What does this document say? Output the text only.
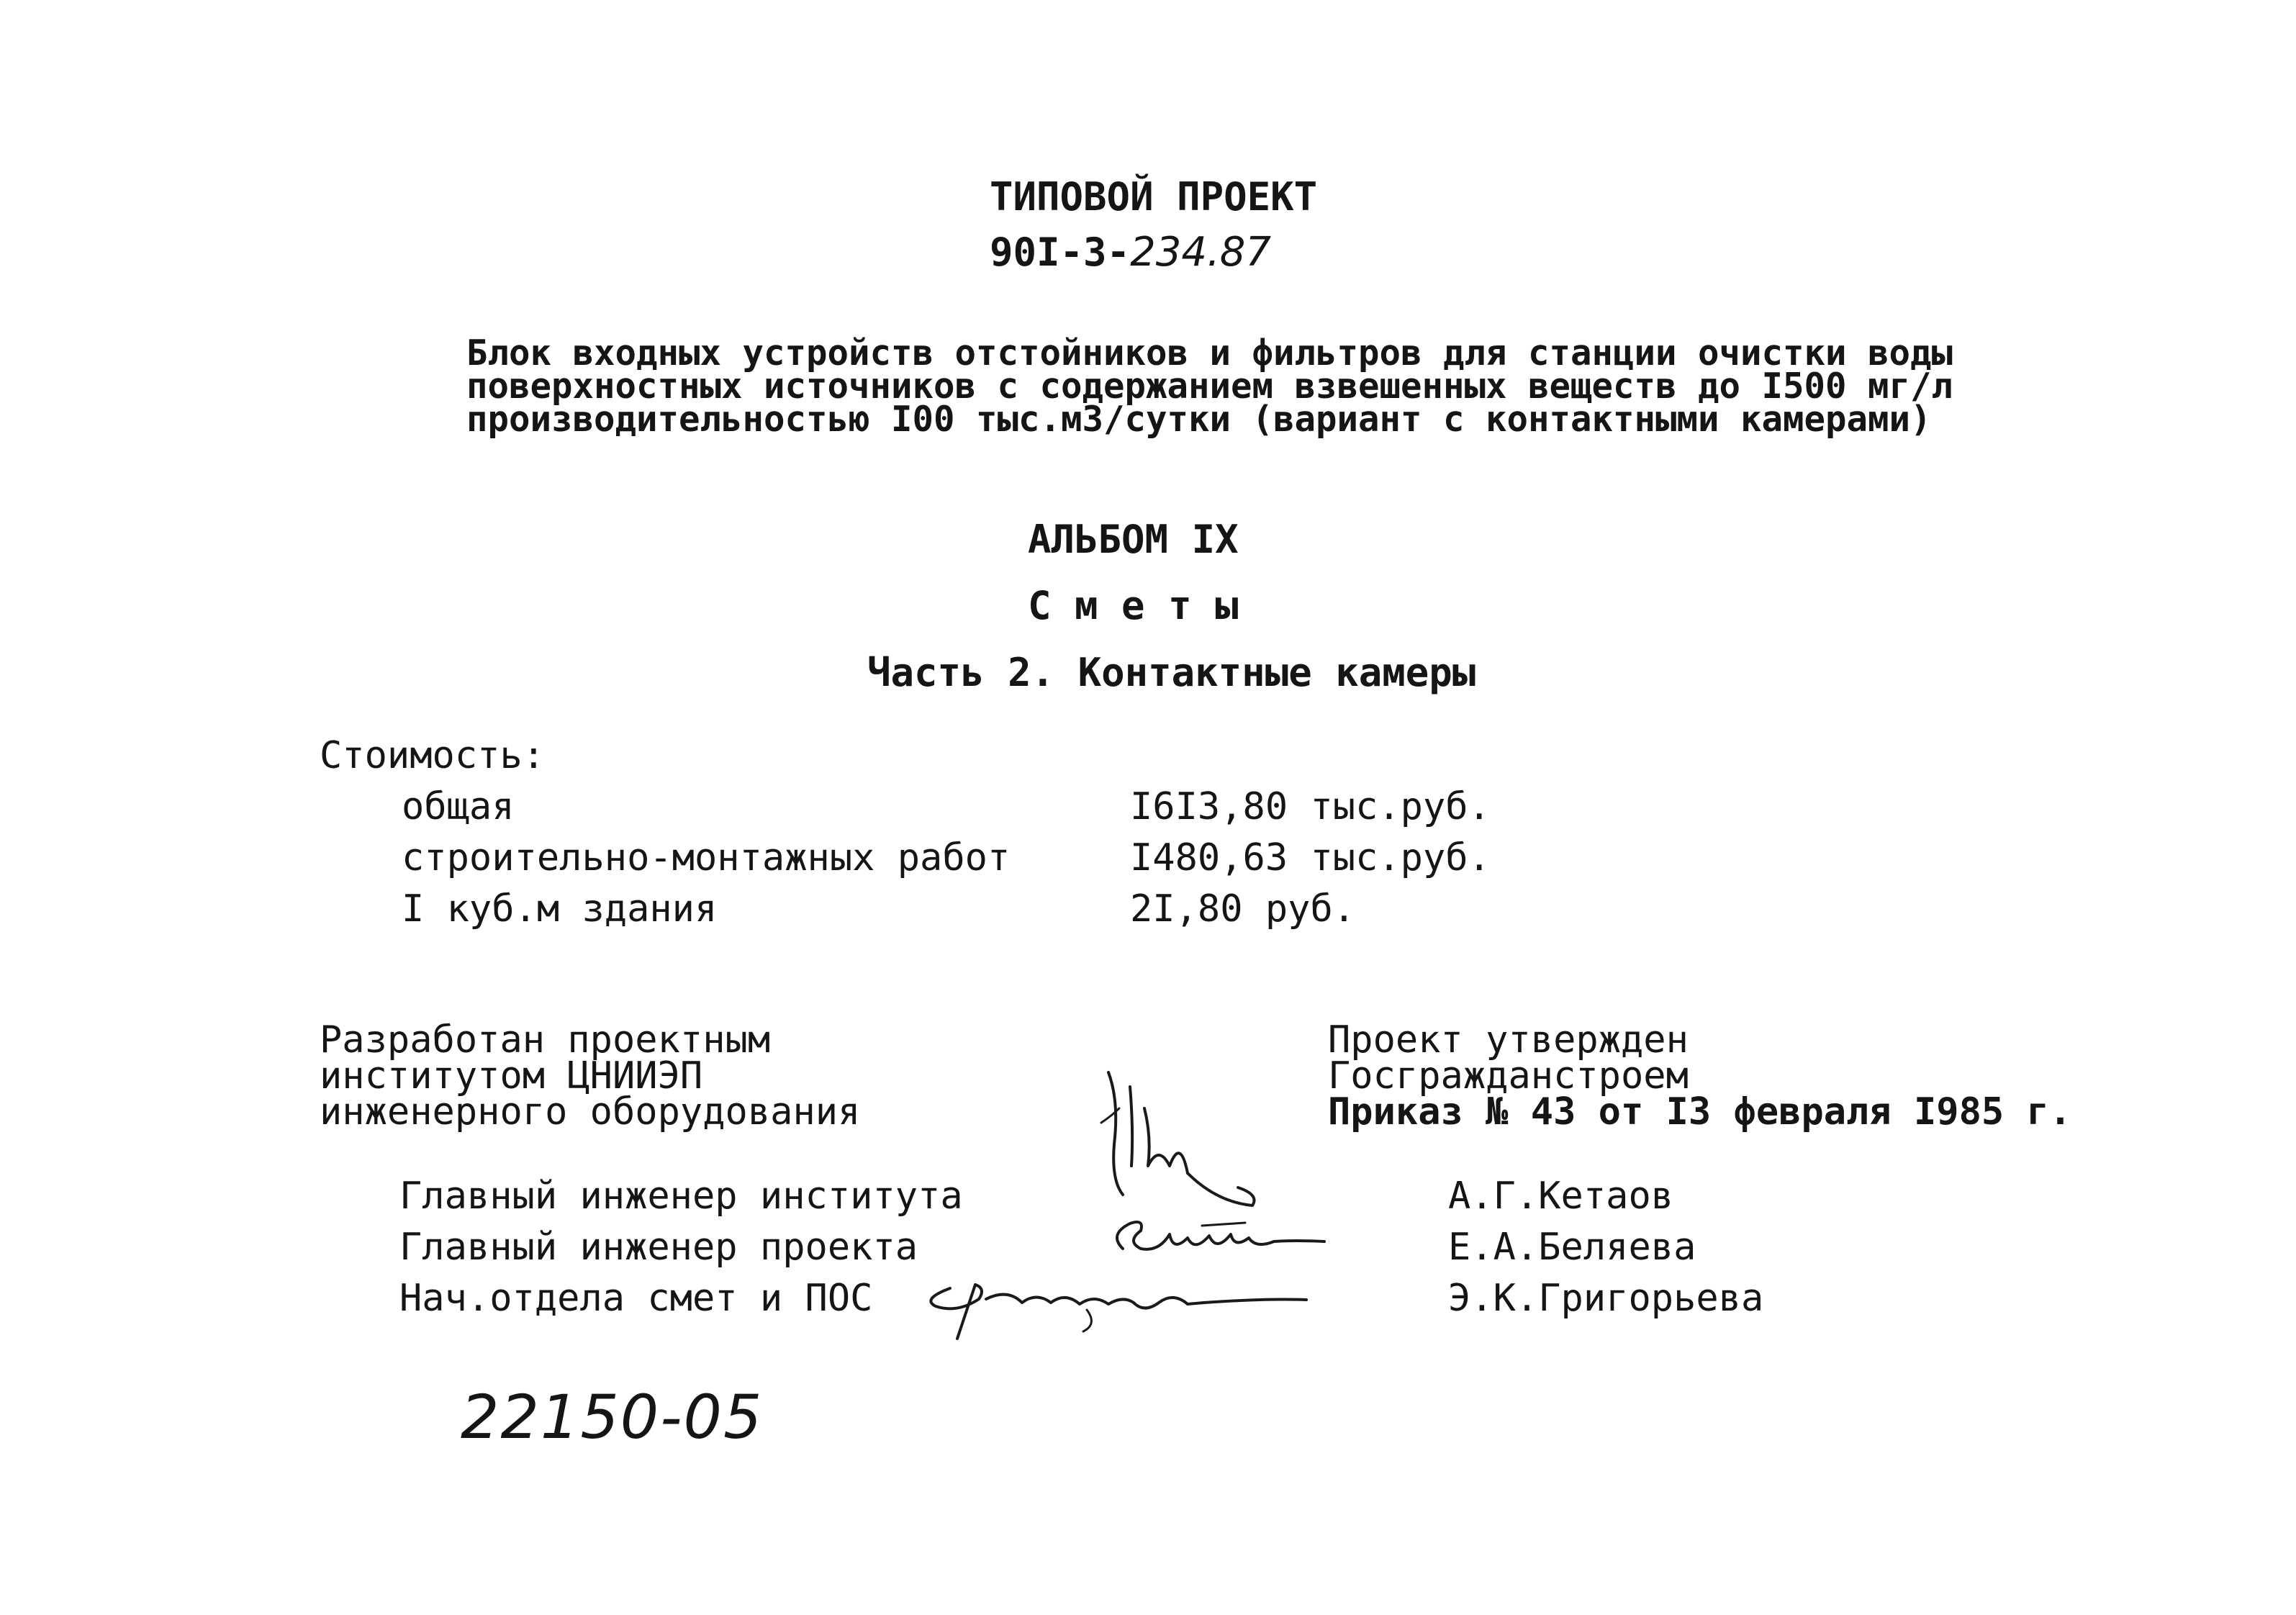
ТИПОВОЙ ПРОЕКТ
90I-3-234.87
Блок входных устройств отстойников и фильтров для станции очистки воды
поверхностных источников с содержанием взвешенных веществ до I500 мг/л
производительностью I00 тыс.м3/сутки (вариант с контактными камерами)
АЛЬБОМ IX
С м е т ы
Часть 2. Контактные камеры
Стоимость:
общая	I6I3,80 тыс.руб.
строительно-монтажных работ	I480,63 тыс.руб.
I куб.м здания	2I,80 руб.
Разработан проектным
институтом ЦНИИЭП
инженерного оборудования
Проект утвержден
Госгражданстроем
Приказ № 43 от I3 февраля I985 г.
Главный инженер института	А.Г.Кетаов
Главный инженер проекта	Е.А.Беляева
Нач.отдела смет и ПОС	Э.К.Григорьева
22150-05
